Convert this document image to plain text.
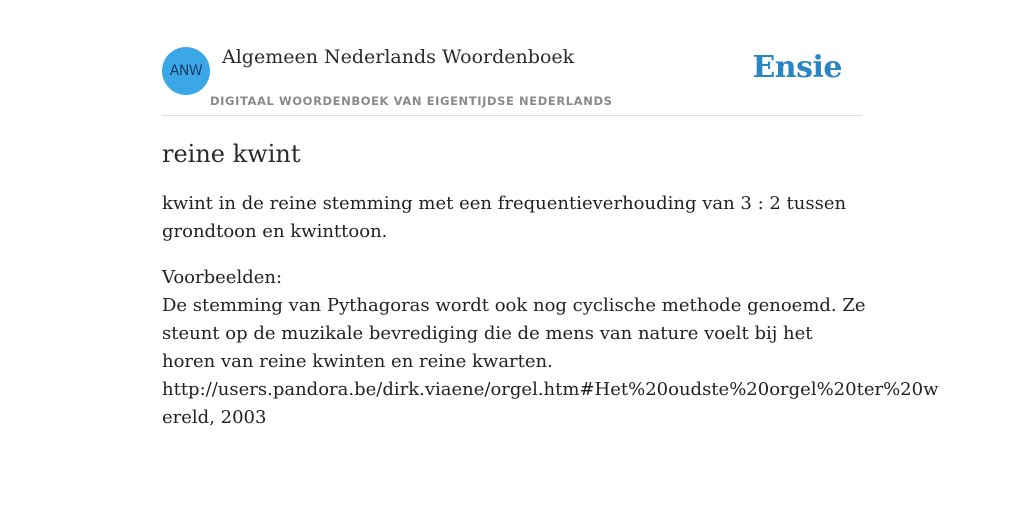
ANW
Algemeen Nederlands Woordenboek
DIGITAAL WOORDENBOEK VAN EIGENTIJDSE NEDERLANDS
Ensie
reine kwint

kwint in de reine stemming met een frequentieverhouding van 3 : 2 tussen grondtoon en kwinttoon.

Voorbeelden:
De stemming van Pythagoras wordt ook nog cyclische methode genoemd. Ze steunt op de muzikale bevrediging die de mens van nature voelt bij het horen van reine kwinten en reine kwarten.
http://users.pandora.be/dirk.viaene/orgel.htm#Het%20oudste%20orgel%20ter%20wereld, 2003
